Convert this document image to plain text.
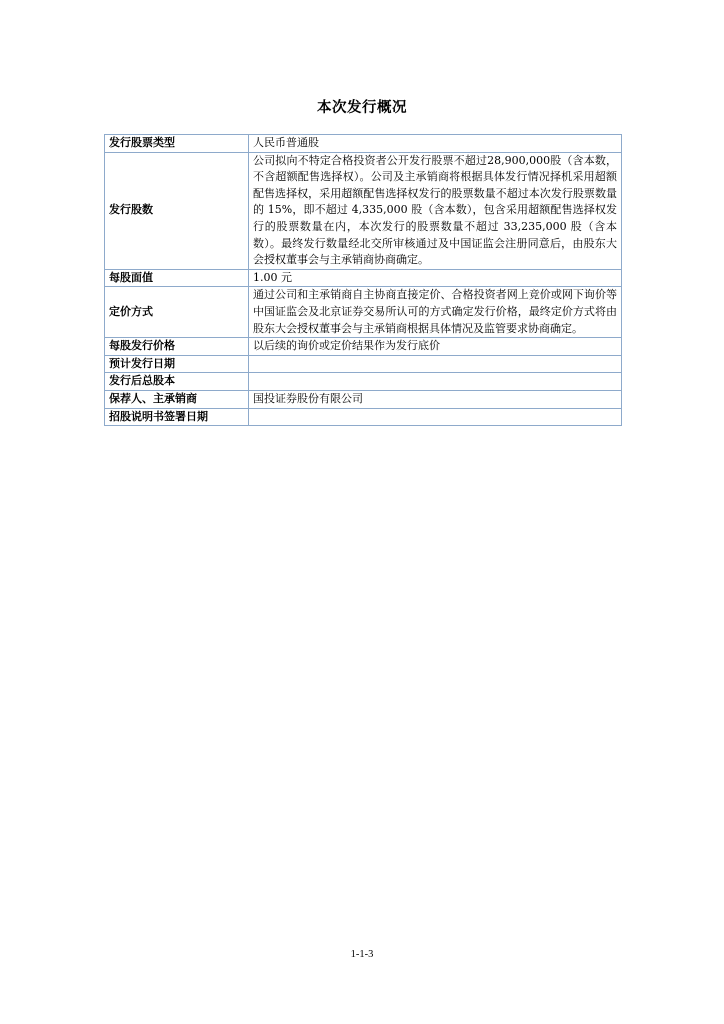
本次发行概况
发行股票类型	人民币普通股
发行股数	公司拟向不特定合格投资者公开发行股票不超过28,900,000股（含本数，不含超额配售选择权）。公司及主承销商将根据具体发行情况择机采用超额配售选择权，采用超额配售选择权发行的股票数量不超过本次发行股票数量的 15%，即不超过 4,335,000 股（含本数），包含采用超额配售选择权发行的股票数量在内，本次发行的股票数量不超过 33,235,000 股（含本数）。最终发行数量经北交所审核通过及中国证监会注册同意后，由股东大会授权董事会与主承销商协商确定。
每股面值	1.00 元
定价方式	通过公司和主承销商自主协商直接定价、合格投资者网上竞价或网下询价等中国证监会及北京证券交易所认可的方式确定发行价格，最终定价方式将由股东大会授权董事会与主承销商根据具体情况及监管要求协商确定。
每股发行价格	以后续的询价或定价结果作为发行底价
预计发行日期	
发行后总股本	
保荐人、主承销商	国投证券股份有限公司
招股说明书签署日期	
1-1-3
